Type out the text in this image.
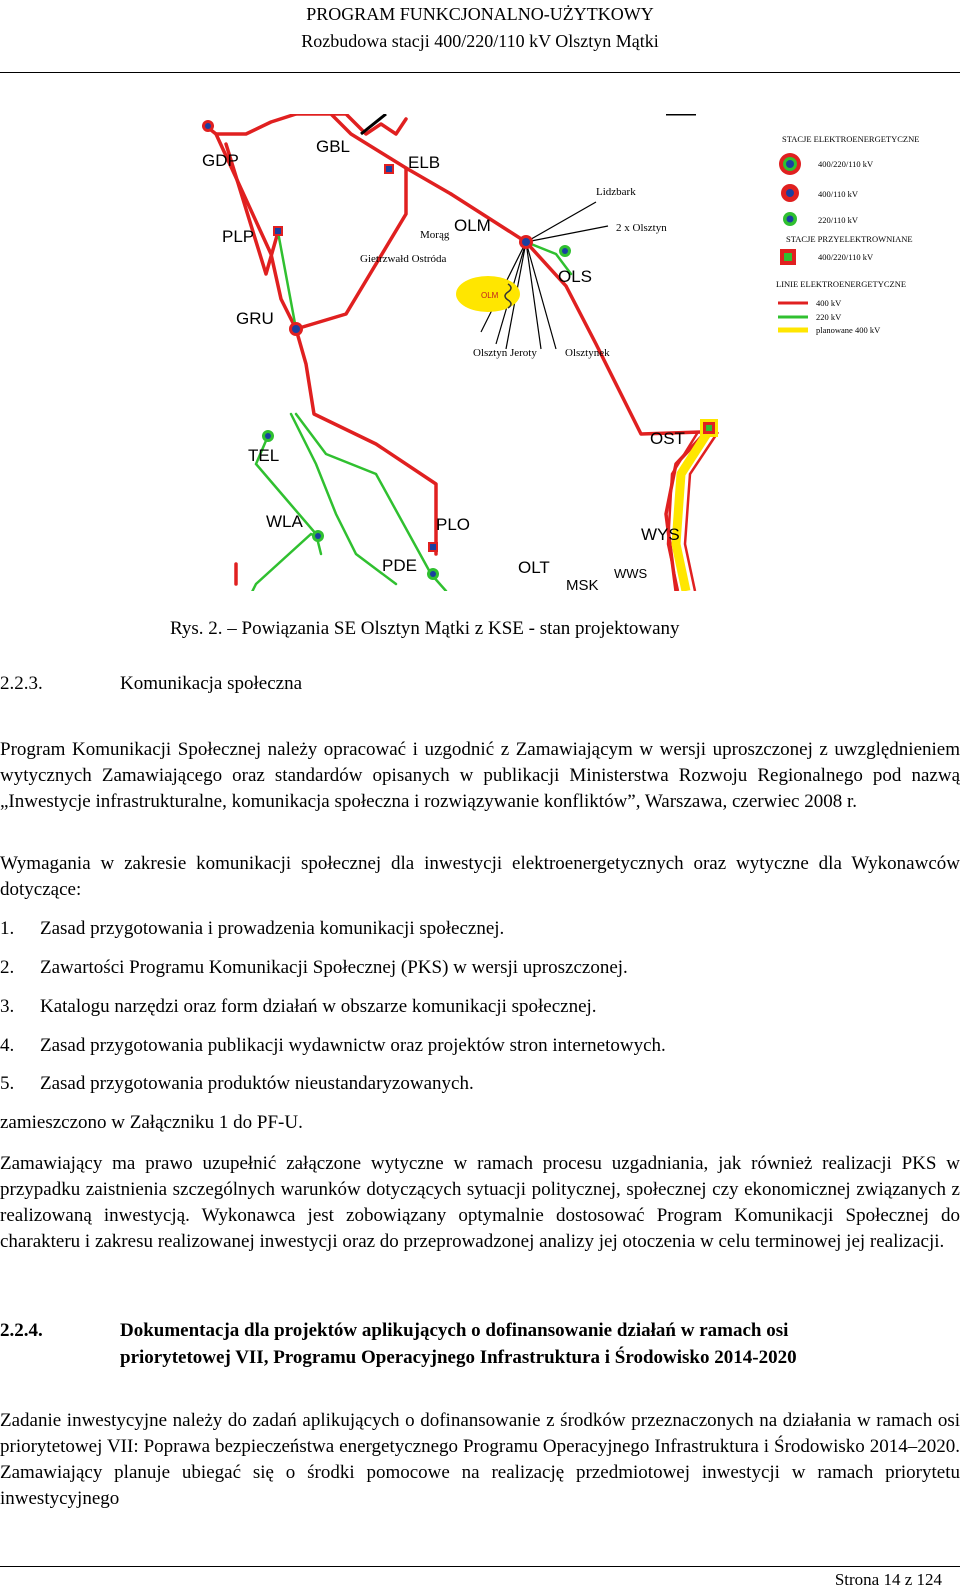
PROGRAM FUNKCJONALNO-UŻYTKOWY
Rozbudowa stacji 400/220/110 kV Olsztyn Mątki
OLM
GDP
GBL
ELB
OLM
OLS
PLP
GRU
TEL
OST
WLA	PLO
WYS
PDE	OLT
MSK
WWS
Lidzbark
Morąg
2 x Olsztyn
Gietrzwałd Ostróda
Olsztyn Jeroty	Olsztynek
STACJE ELEKTROENERGETYCZNE
400/220/110 kV
400/110 kV
220/110 kV
STACJE PRZYELEKTROWNIANE
400/220/110 kV
LINIE ELEKTROENERGETYCZNE
400 kV
220 kV
planowane 400 kV
Rys. 2. – Powiązania SE Olsztyn Mątki z KSE - stan projektowany
2.2.3.	Komunikacja społeczna

Program Komunikacji Społecznej należy opracować i uzgodnić z Zamawiającym w wersji uproszczonej z uwzględnieniem wytycznych Zamawiającego oraz standardów opisanych w publikacji Ministerstwa Rozwoju Regionalnego pod nazwą „Inwestycje infrastrukturalne, komunikacja społeczna i rozwiązywanie konfliktów”, Warszawa, czerwiec 2008 r.

Wymagania w zakresie komunikacji społecznej dla inwestycji elektroenergetycznych oraz wytyczne dla Wykonawców dotyczące:

1. Zasad przygotowania i prowadzenia komunikacji społecznej.
2. Zawartości Programu Komunikacji Społecznej (PKS) w wersji uproszczonej.
3. Katalogu narzędzi oraz form działań w obszarze komunikacji społecznej.
4. Zasad przygotowania publikacji wydawnictw oraz projektów stron internetowych.
5. Zasad przygotowania produktów nieustandaryzowanych.
zamieszczono w Załączniku 1 do PF-U.

Zamawiający ma prawo uzupełnić załączone wytyczne w ramach procesu uzgadniania, jak również realizacji PKS w przypadku zaistnienia szczególnych warunków dotyczących sytuacji politycznej, społecznej czy ekonomicznej związanych z realizowaną inwestycją. Wykonawca jest zobowiązany optymalnie dostosować Program Komunikacji Społecznej do charakteru i zakresu realizowanej inwestycji oraz do przeprowadzonej analizy jej otoczenia w celu terminowej jej realizacji.

2.2.4.	Dokumentacja dla projektów aplikujących o dofinansowanie działań w ramach osi
priorytetowej VII, Programu Operacyjnego Infrastruktura i Środowisko 2014-2020

Zadanie inwestycyjne należy do zadań aplikujących o dofinansowanie z środków przeznaczonych na działania w ramach osi priorytetowej VII: Poprawa bezpieczeństwa energetycznego Programu Operacyjnego Infrastruktura i Środowisko 2014–2020. Zamawiający planuje ubiegać się o środki pomocowe na realizację przedmiotowej inwestycji w ramach priorytetu inwestycyjnego

Strona 14 z 124
